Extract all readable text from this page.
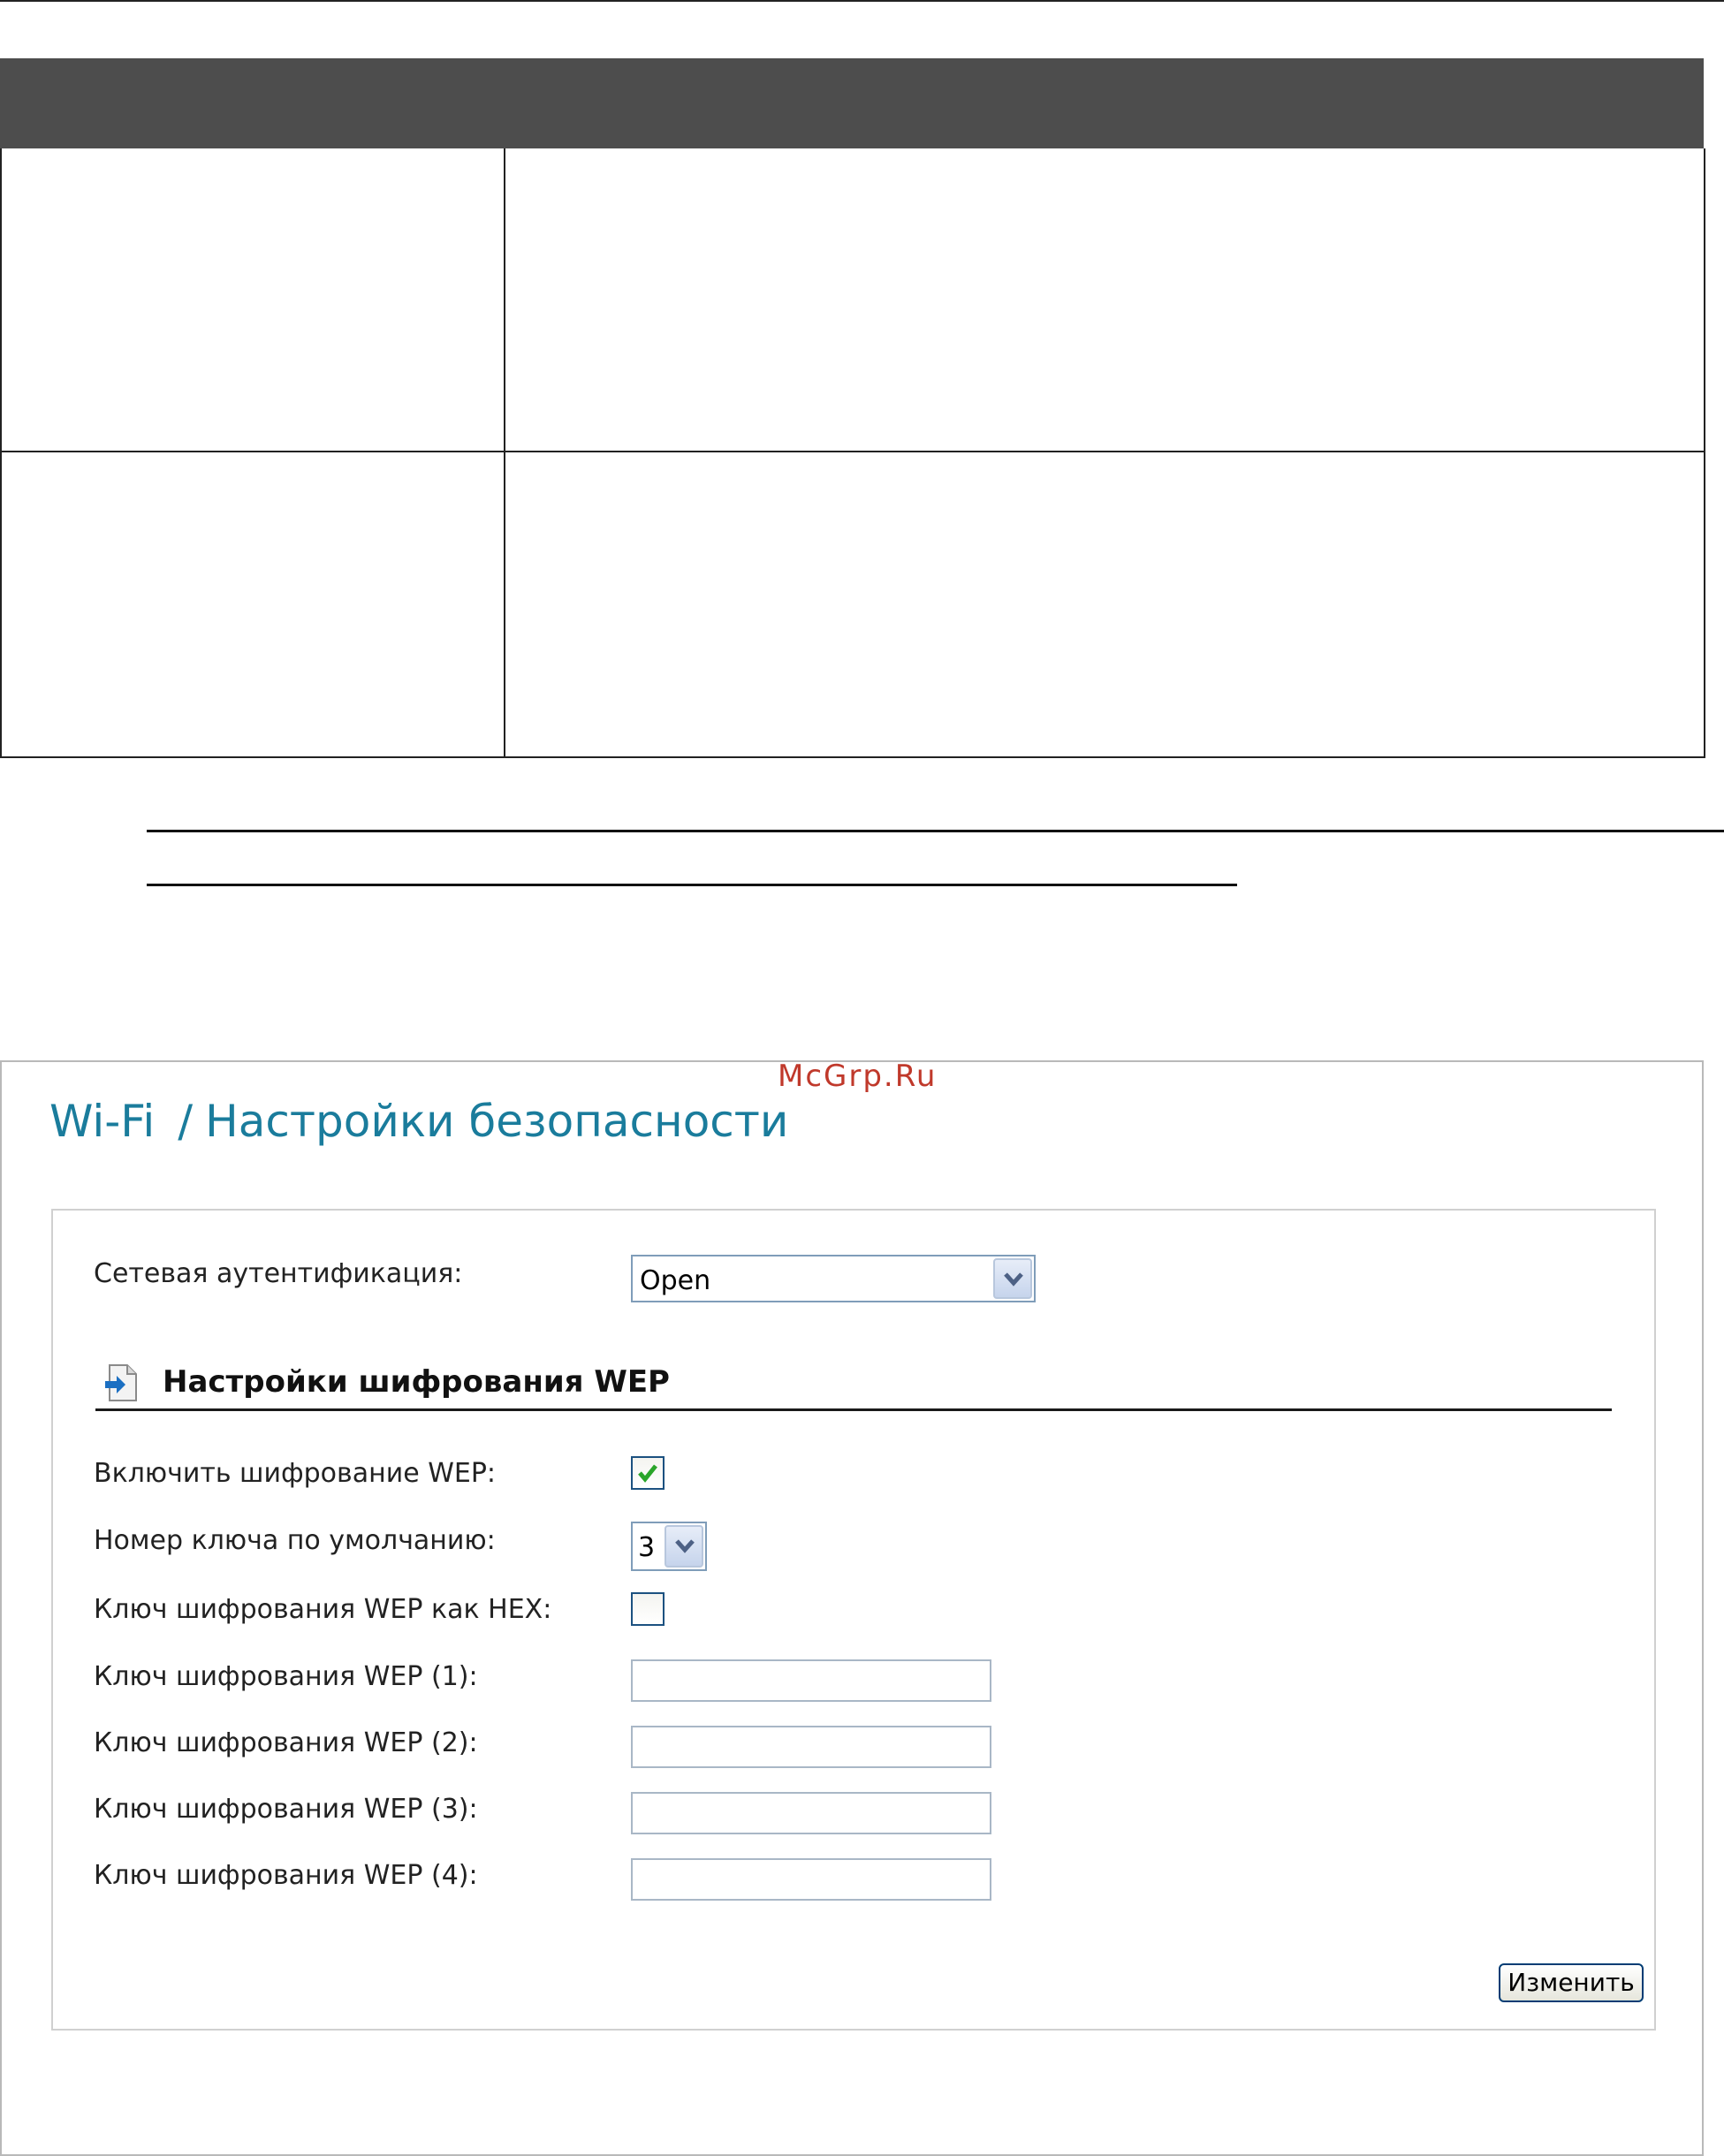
McGrp.Ru
Wi-Fi / Настройки безопасности
Сетевая аутентификация:	Open
Настройки шифрования WEP
Включить шифрование WEP:
Номер ключа по умолчанию:	3
Ключ шифрования WEP как HEX:
Ключ шифрования WEP (1):
Ключ шифрования WEP (2):
Ключ шифрования WEP (3):
Ключ шифрования WEP (4):
Изменить
